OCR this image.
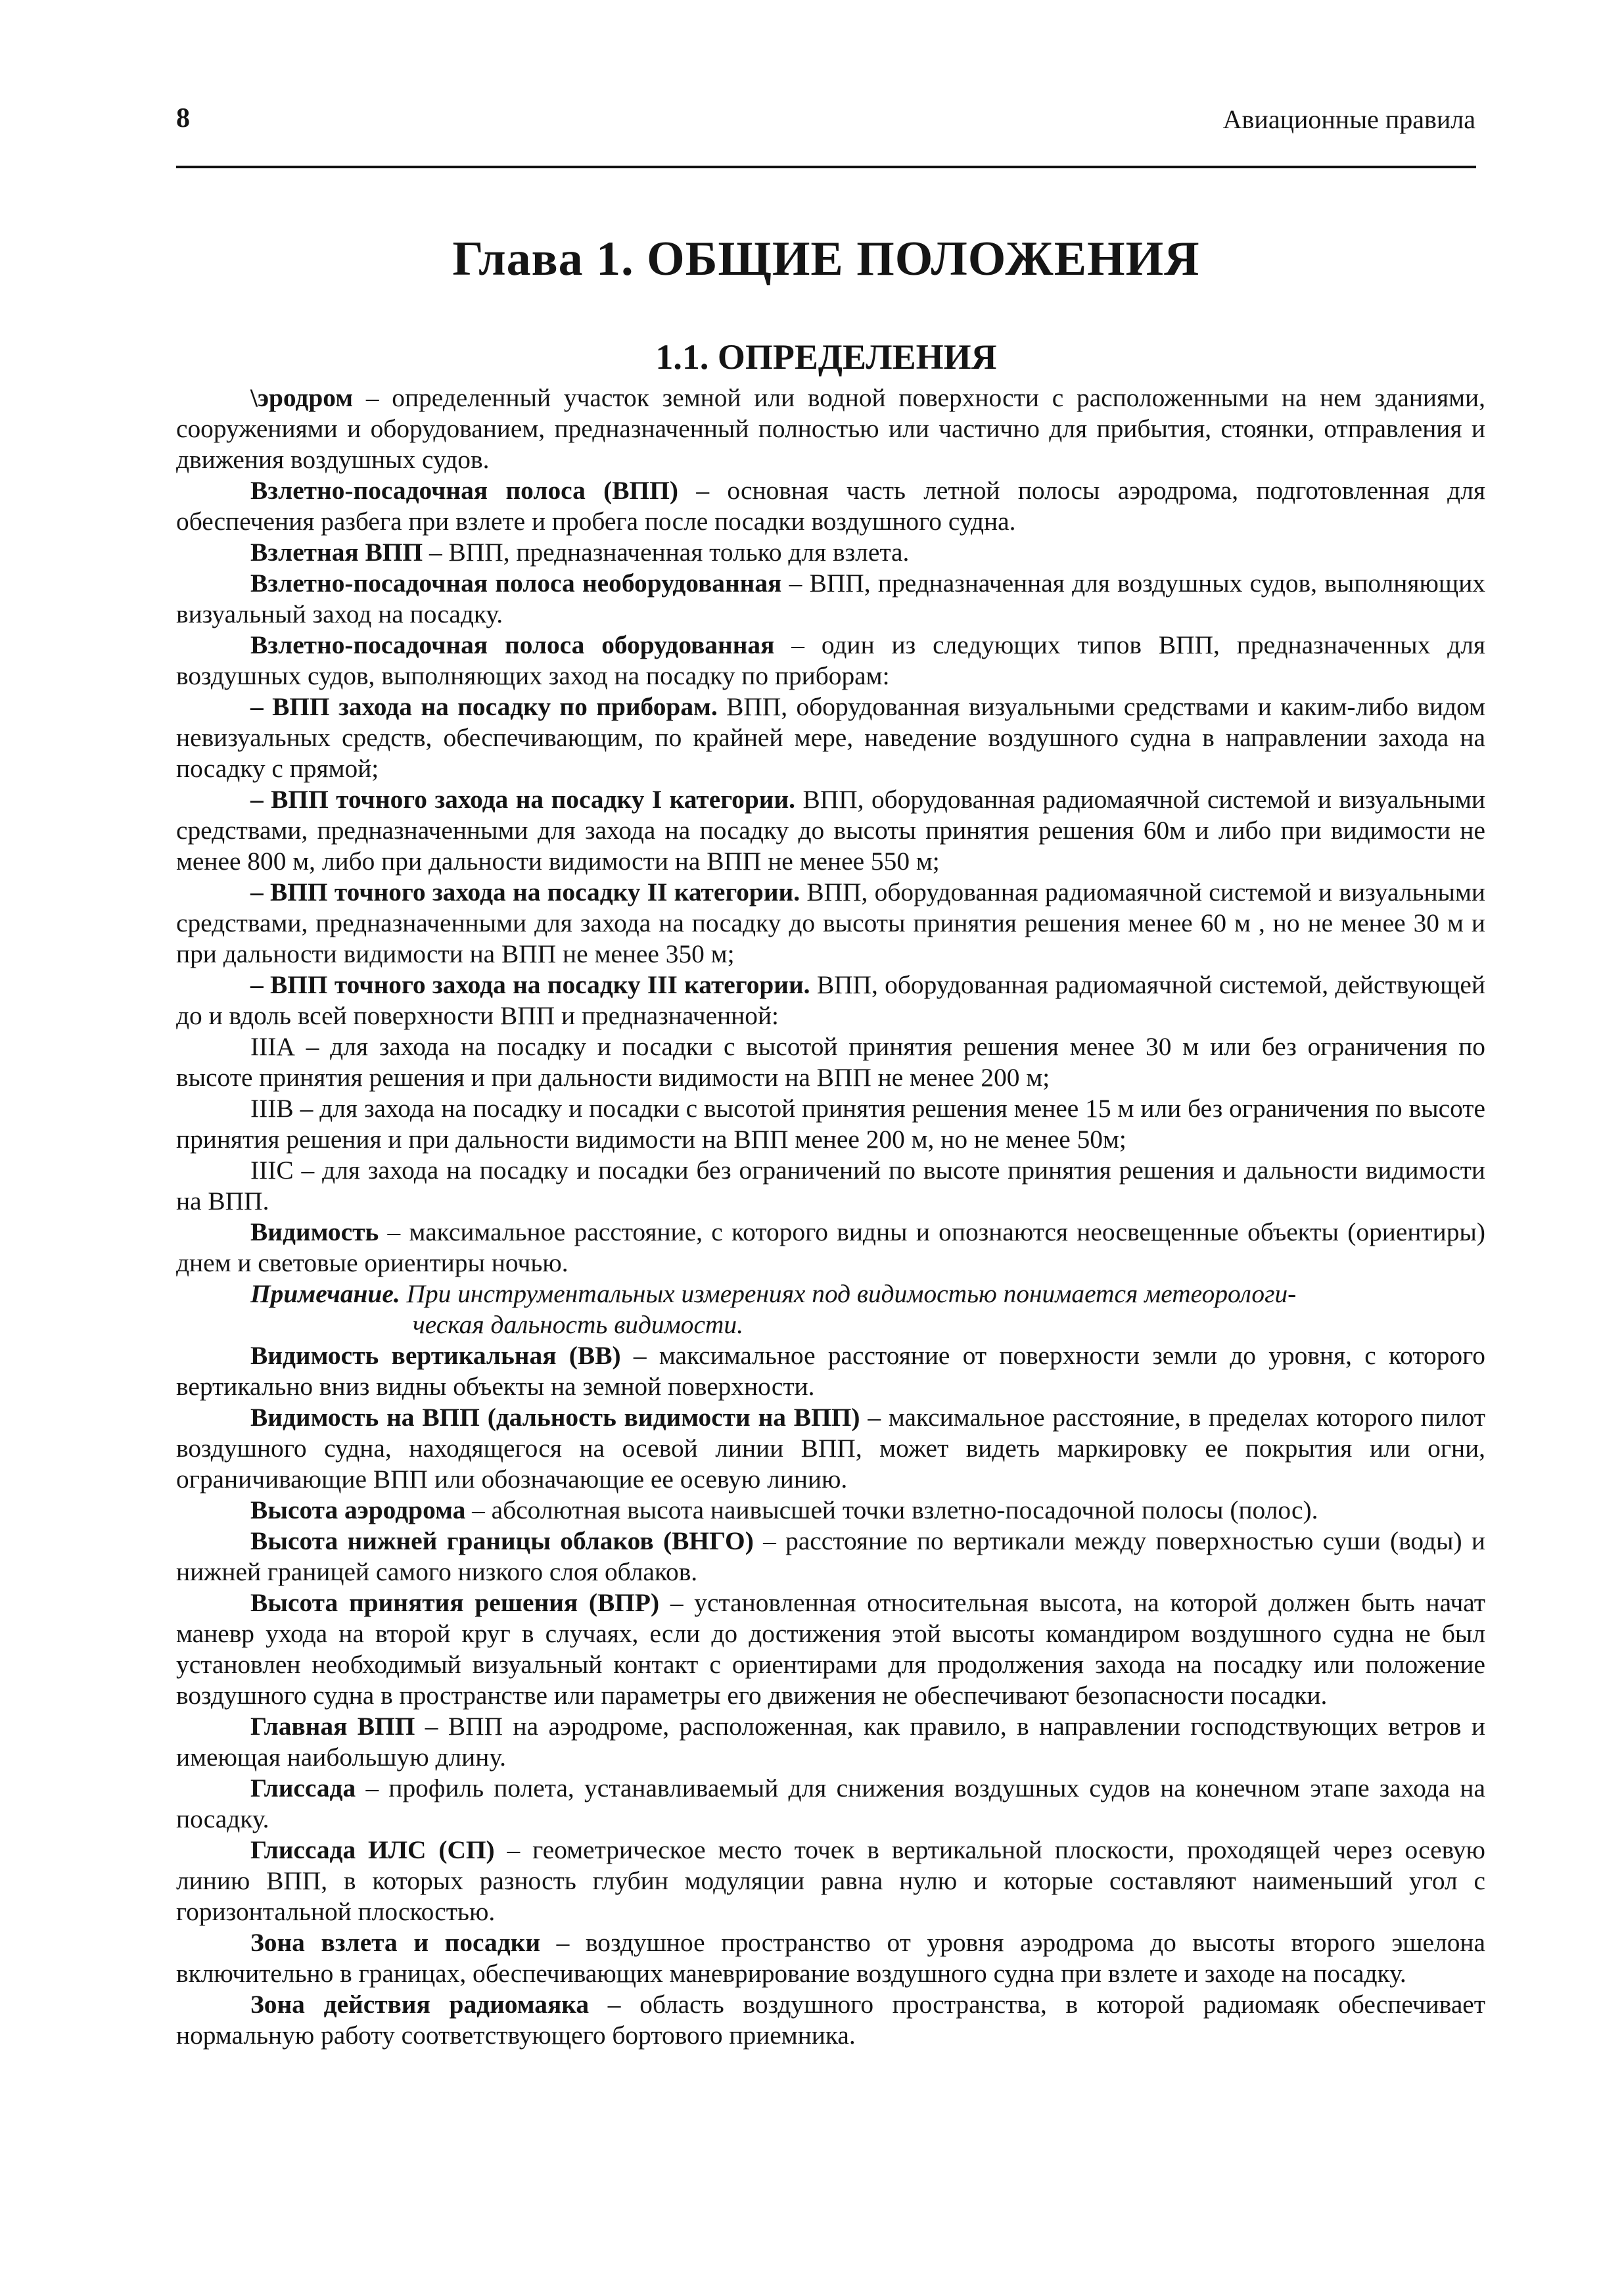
8	Авиационные правила
Глава 1. ОБЩИЕ ПОЛОЖЕНИЯ
1.1. ОПРЕДЕЛЕНИЯ

\эродром – определенный участок земной или водной поверхности с расположенными на нем зданиями, сооружениями и оборудованием, предназначенный полностью или частично для прибытия, стоянки, отправления и движения воздушных судов.

Взлетно-посадочная полоса (ВПП) – основная часть летной полосы аэродрома, подготовленная для обеспечения разбега при взлете и пробега после посадки воздушного судна.

Взлетная ВПП – ВПП, предназначенная только для взлета.

Взлетно-посадочная полоса необорудованная – ВПП, предназначенная для воздушных судов, выполняющих визуальный заход на посадку.

Взлетно-посадочная полоса оборудованная – один из следующих типов ВПП, предназначенных для воздушных судов, выполняющих заход на посадку по приборам:

– ВПП захода на посадку по приборам. ВПП, оборудованная визуальными средствами и каким-либо видом невизуальных средств, обеспечивающим, по крайней мере, наведение воздушного судна в направлении захода на посадку с прямой;

– ВПП точного захода на посадку I категории. ВПП, оборудованная радиомаячной системой и визуальными средствами, предназначенными для захода на посадку до высоты принятия решения 60м и либо при видимости не менее 800 м, либо при дальности видимости на ВПП не менее 550 м;

– ВПП точного захода на посадку II категории. ВПП, оборудованная радиомаячной системой и визуальными средствами, предназначенными для захода на посадку до высоты принятия решения менее 60 м , но не менее 30 м и при дальности видимости на ВПП не менее 350 м;

– ВПП точного захода на посадку III категории. ВПП, оборудованная радиомаячной системой, действующей до и вдоль всей поверхности ВПП и предназначенной:

IIIА – для захода на посадку и посадки с высотой принятия решения менее 30 м или без ограничения по высоте принятия решения и при дальности видимости на ВПП не менее 200 м;

IIIВ – для захода на посадку и посадки с высотой принятия решения менее 15 м или без ограничения по высоте принятия решения и при дальности видимости на ВПП менее 200 м, но не менее 50м;

IIIС – для захода на посадку и посадки без ограничений по высоте принятия решения и дальности видимости на ВПП.

Видимость – максимальное расстояние, с которого видны и опознаются неосвещенные объекты (ориентиры) днем и световые ориентиры ночью.

Примечание. При инструментальных измерениях под видимостью понимается метеорологи-
ческая дальность видимости.

Видимость вертикальная (ВВ) – максимальное расстояние от поверхности земли до уровня, с которого вертикально вниз видны объекты на земной поверхности.

Видимость на ВПП (дальность видимости на ВПП) – максимальное расстояние, в пределах которого пилот воздушного судна, находящегося на осевой линии ВПП, может видеть маркировку ее покрытия или огни, ограничивающие ВПП или обозначающие ее осевую линию.

Высота аэродрома – абсолютная высота наивысшей точки взлетно-посадочной полосы (полос).

Высота нижней границы облаков (ВНГО) – расстояние по вертикали между поверхностью суши (воды) и нижней границей самого низкого слоя облаков.

Высота принятия решения (ВПР) – установленная относительная высота, на которой должен быть начат маневр ухода на второй круг в случаях, если до достижения этой высоты командиром воздушного судна не был установлен необходимый визуальный контакт с ориентирами для продолжения захода на посадку или положение воздушного судна в пространстве или параметры его движения не обеспечивают безопасности посадки.

Главная ВПП – ВПП на аэродроме, расположенная, как правило, в направлении господствующих ветров и имеющая наибольшую длину.

Глиссада – профиль полета, устанавливаемый для снижения воздушных судов на конечном этапе захода на посадку.

Глиссада ИЛС (СП) – геометрическое место точек в вертикальной плоскости, проходящей через осевую линию ВПП, в которых разность глубин модуляции равна нулю и которые составляют наименьший угол с горизонтальной плоскостью.

Зона взлета и посадки – воздушное пространство от уровня аэродрома до высоты второго эшелона включительно в границах, обеспечивающих маневрирование воздушного судна при взлете и заходе на посадку.

Зона действия радиомаяка – область воздушного пространства, в которой радиомаяк обеспечивает нормальную работу соответствующего бортового приемника.
